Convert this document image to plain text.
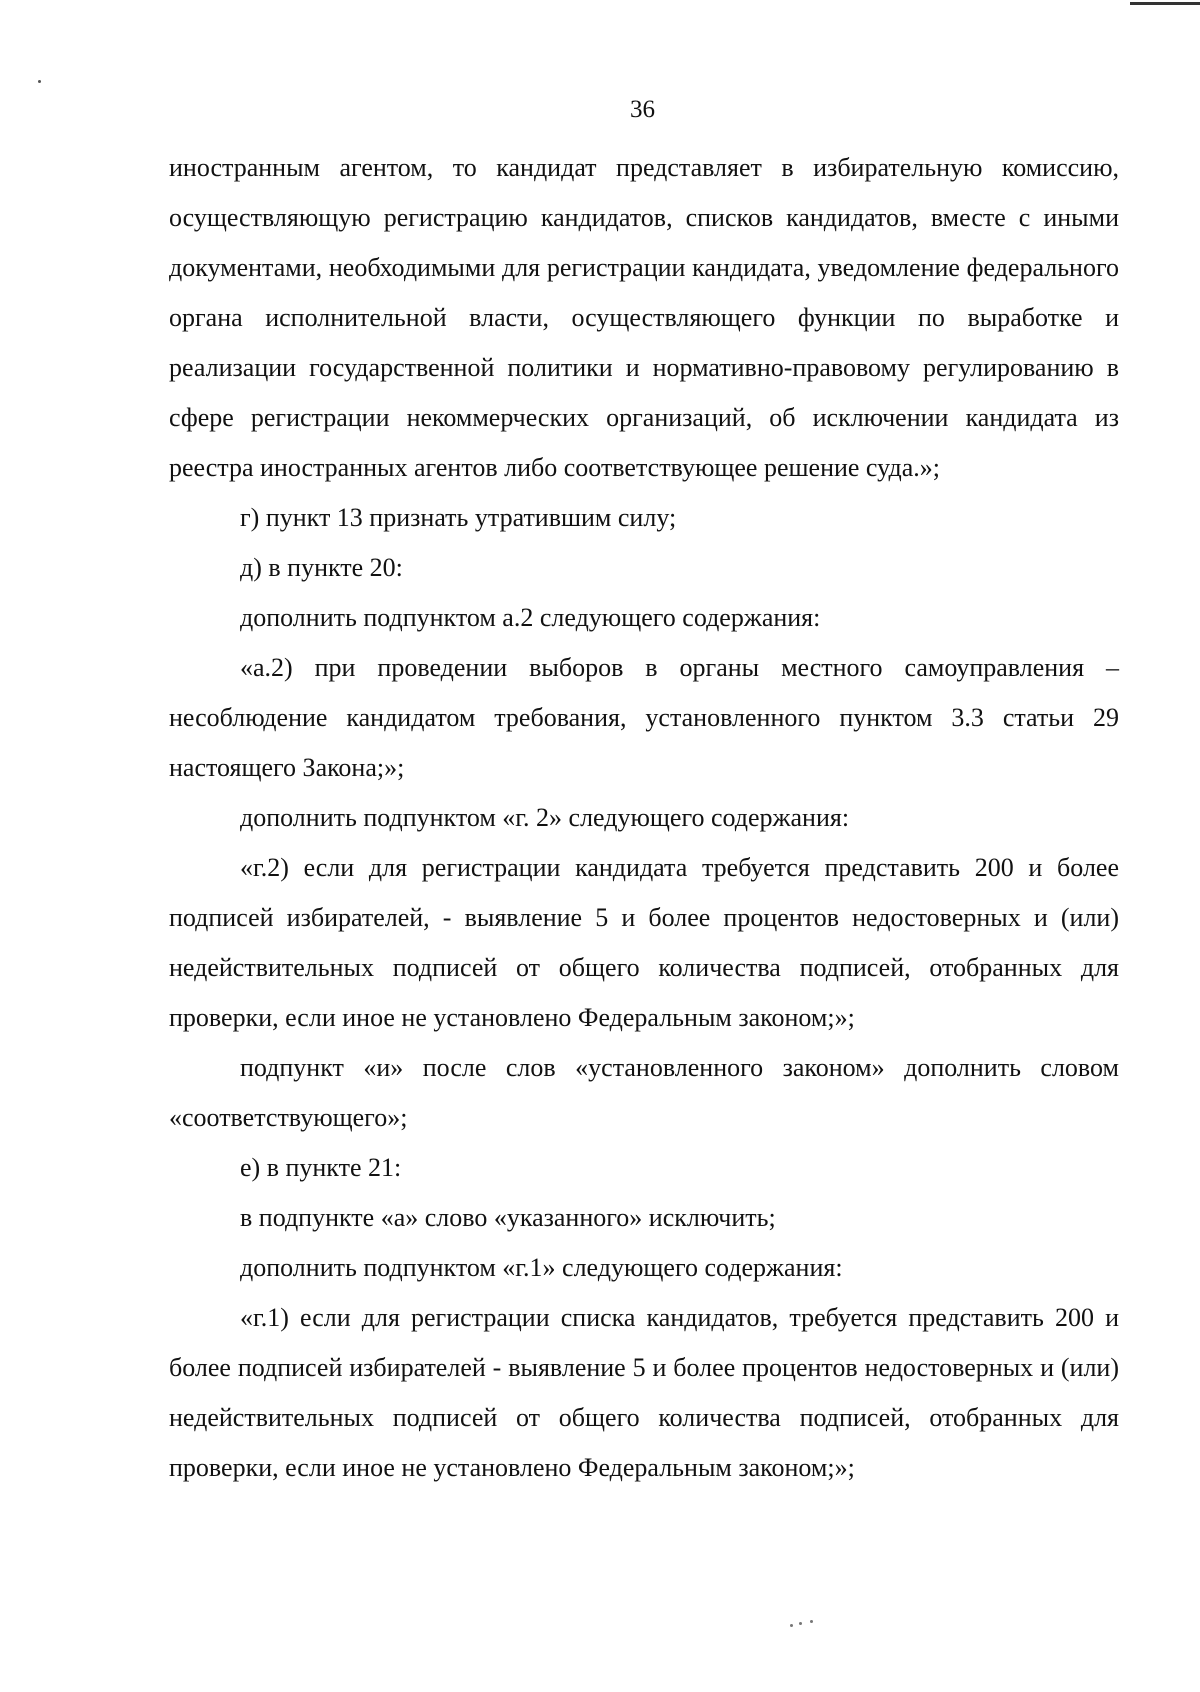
36

иностранным агентом, то кандидат представляет в избирательную комиссию, осуществляющую регистрацию кандидатов, списков кандидатов, вместе с иными документами, необходимыми для регистрации кандидата, уведомление федерального органа исполнительной власти, осуществляющего функции по выработке и реализации государственной политики и нормативно-правовому регулированию в сфере регистрации некоммерческих организаций, об исключении кандидата из реестра иностранных агентов либо соответствующее решение суда.»;

г) пункт 13 признать утратившим силу;

д) в пункте 20:

дополнить подпунктом а.2 следующего содержания:

«а.2) при проведении выборов в органы местного самоуправления – несоблюдение кандидатом требования, установленного пунктом 3.3 статьи 29 настоящего Закона;»;

дополнить подпунктом «г. 2» следующего содержания:

«г.2) если для регистрации кандидата требуется представить 200 и более подписей избирателей, - выявление 5 и более процентов недостоверных и (или) недействительных подписей от общего количества подписей, отобранных для проверки, если иное не установлено Федеральным законом;»;

подпункт «и» после слов «установленного законом» дополнить словом «соответствующего»;

е) в пункте 21:

в подпункте «а» слово «указанного» исключить;

дополнить подпунктом «г.1» следующего содержания:

«г.1) если для регистрации списка кандидатов, требуется представить 200 и более подписей избирателей - выявление 5 и более процентов недостоверных и (или) недействительных подписей от общего количества подписей, отобранных для проверки, если иное не установлено Федеральным законом;»;
